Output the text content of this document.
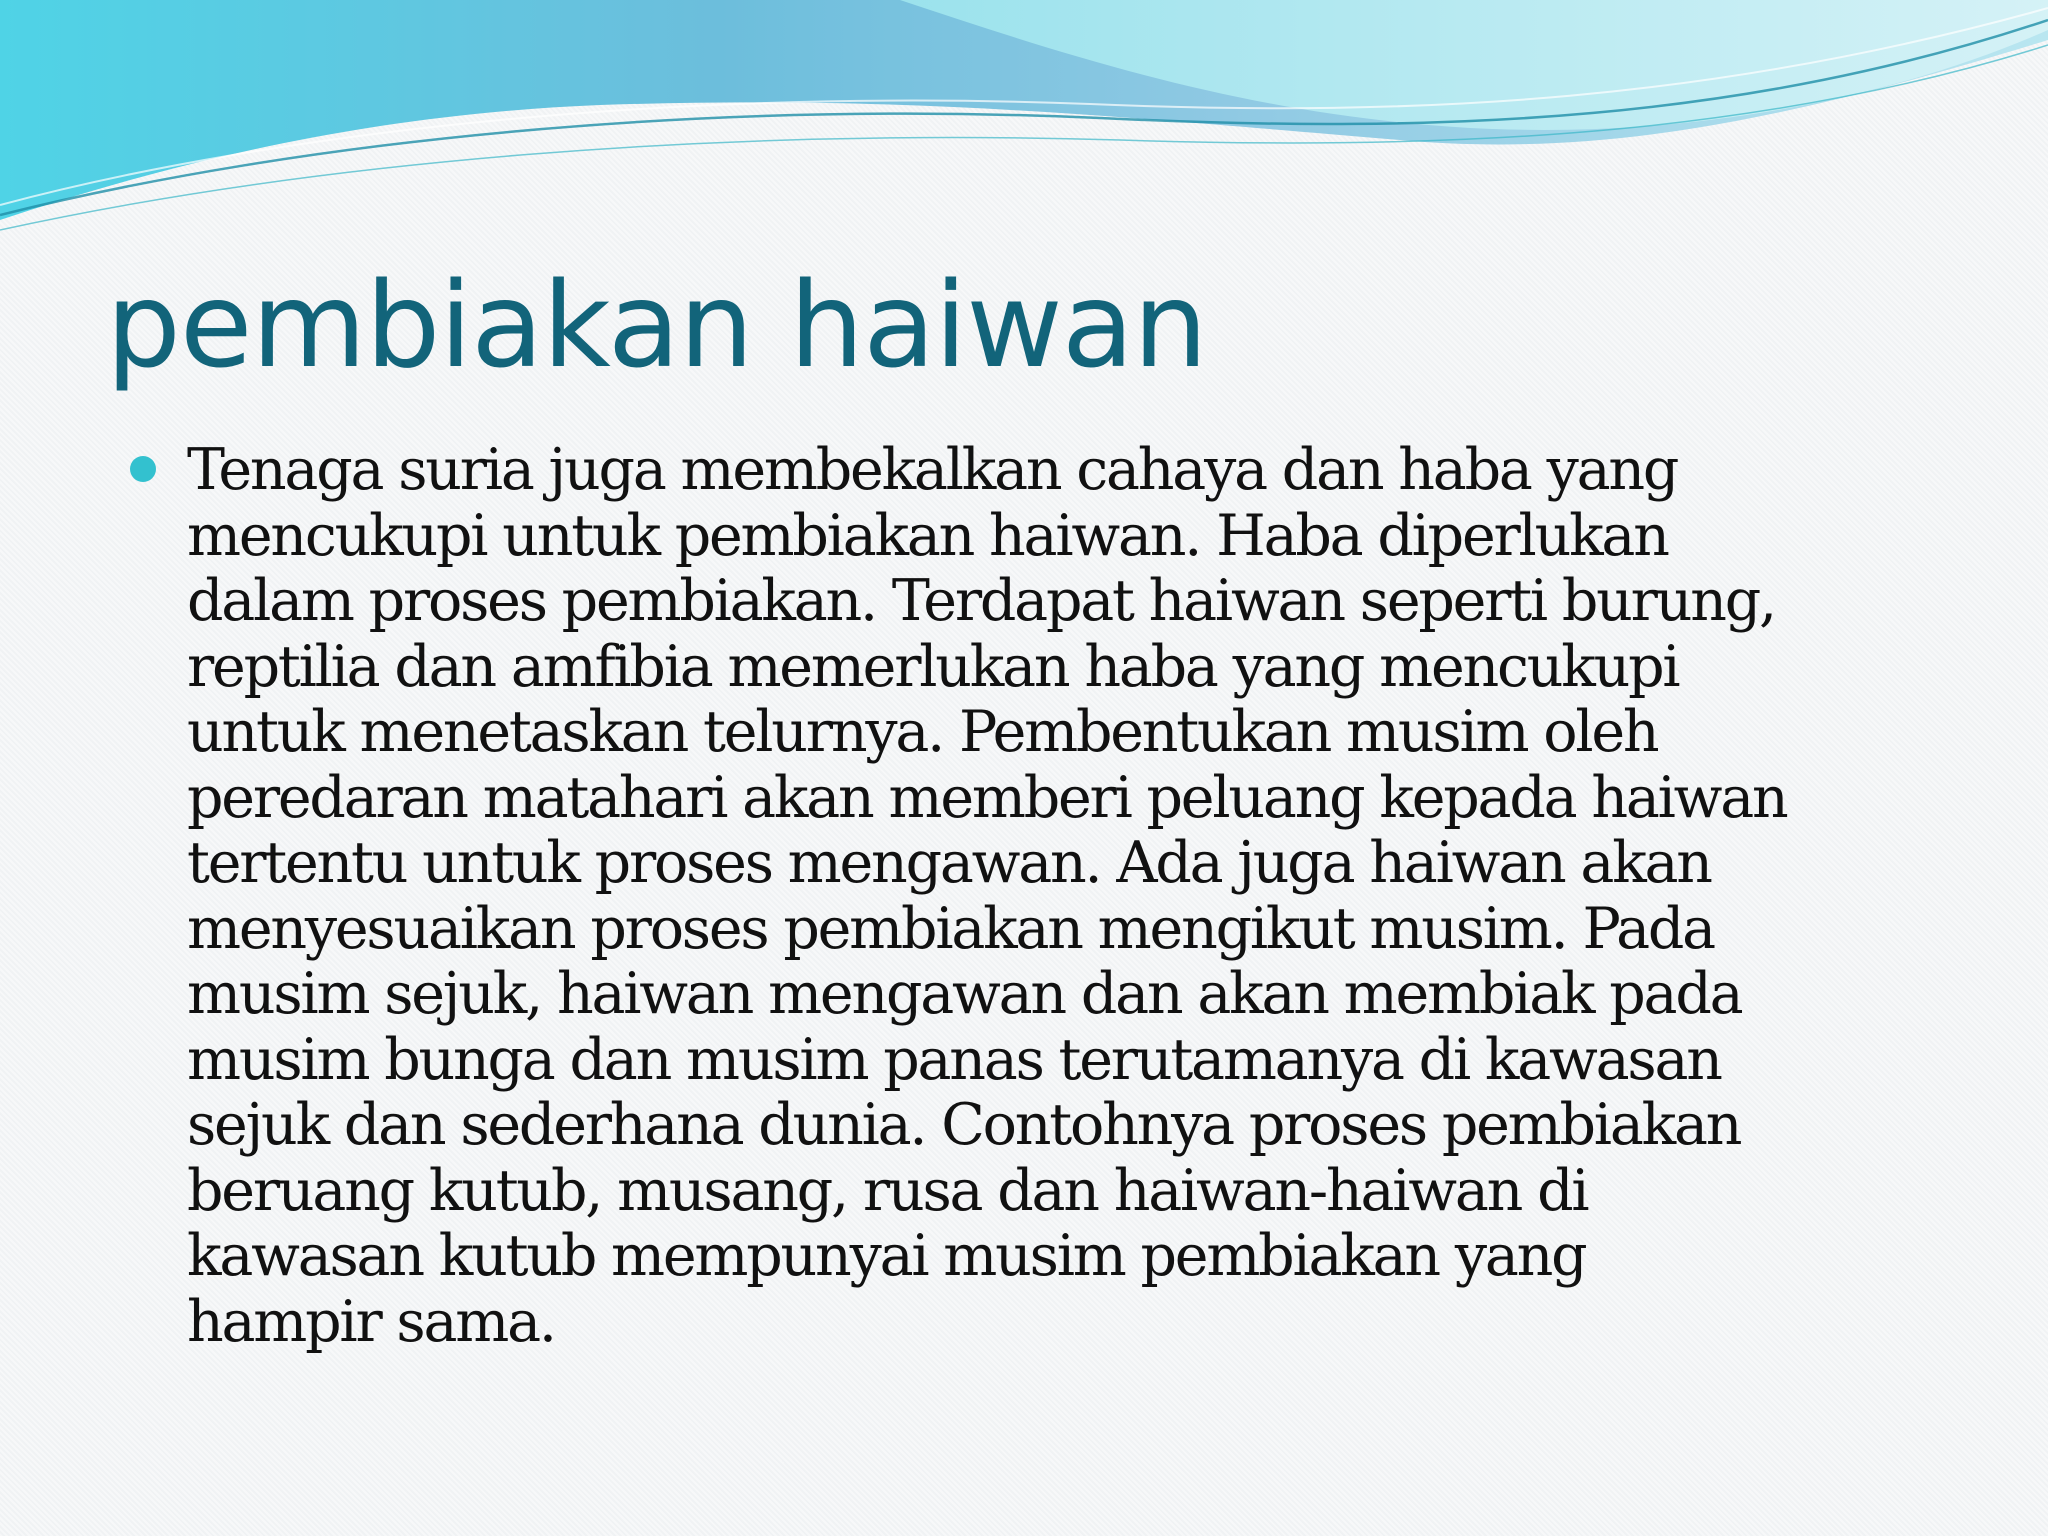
pembiakan haiwan
Tenaga suria juga membekalkan cahaya dan haba yang
mencukupi untuk pembiakan haiwan. Haba diperlukan
dalam proses pembiakan. Terdapat haiwan seperti burung,
reptilia dan amfibia memerlukan haba yang mencukupi
untuk menetaskan telurnya. Pembentukan musim oleh
peredaran matahari akan memberi peluang kepada haiwan
tertentu untuk proses mengawan. Ada juga haiwan akan
menyesuaikan proses pembiakan mengikut musim. Pada
musim sejuk, haiwan mengawan dan akan membiak pada
musim bunga dan musim panas terutamanya di kawasan
sejuk dan sederhana dunia. Contohnya proses pembiakan
beruang kutub, musang, rusa dan haiwan-haiwan di
kawasan kutub mempunyai musim pembiakan yang
hampir sama.
